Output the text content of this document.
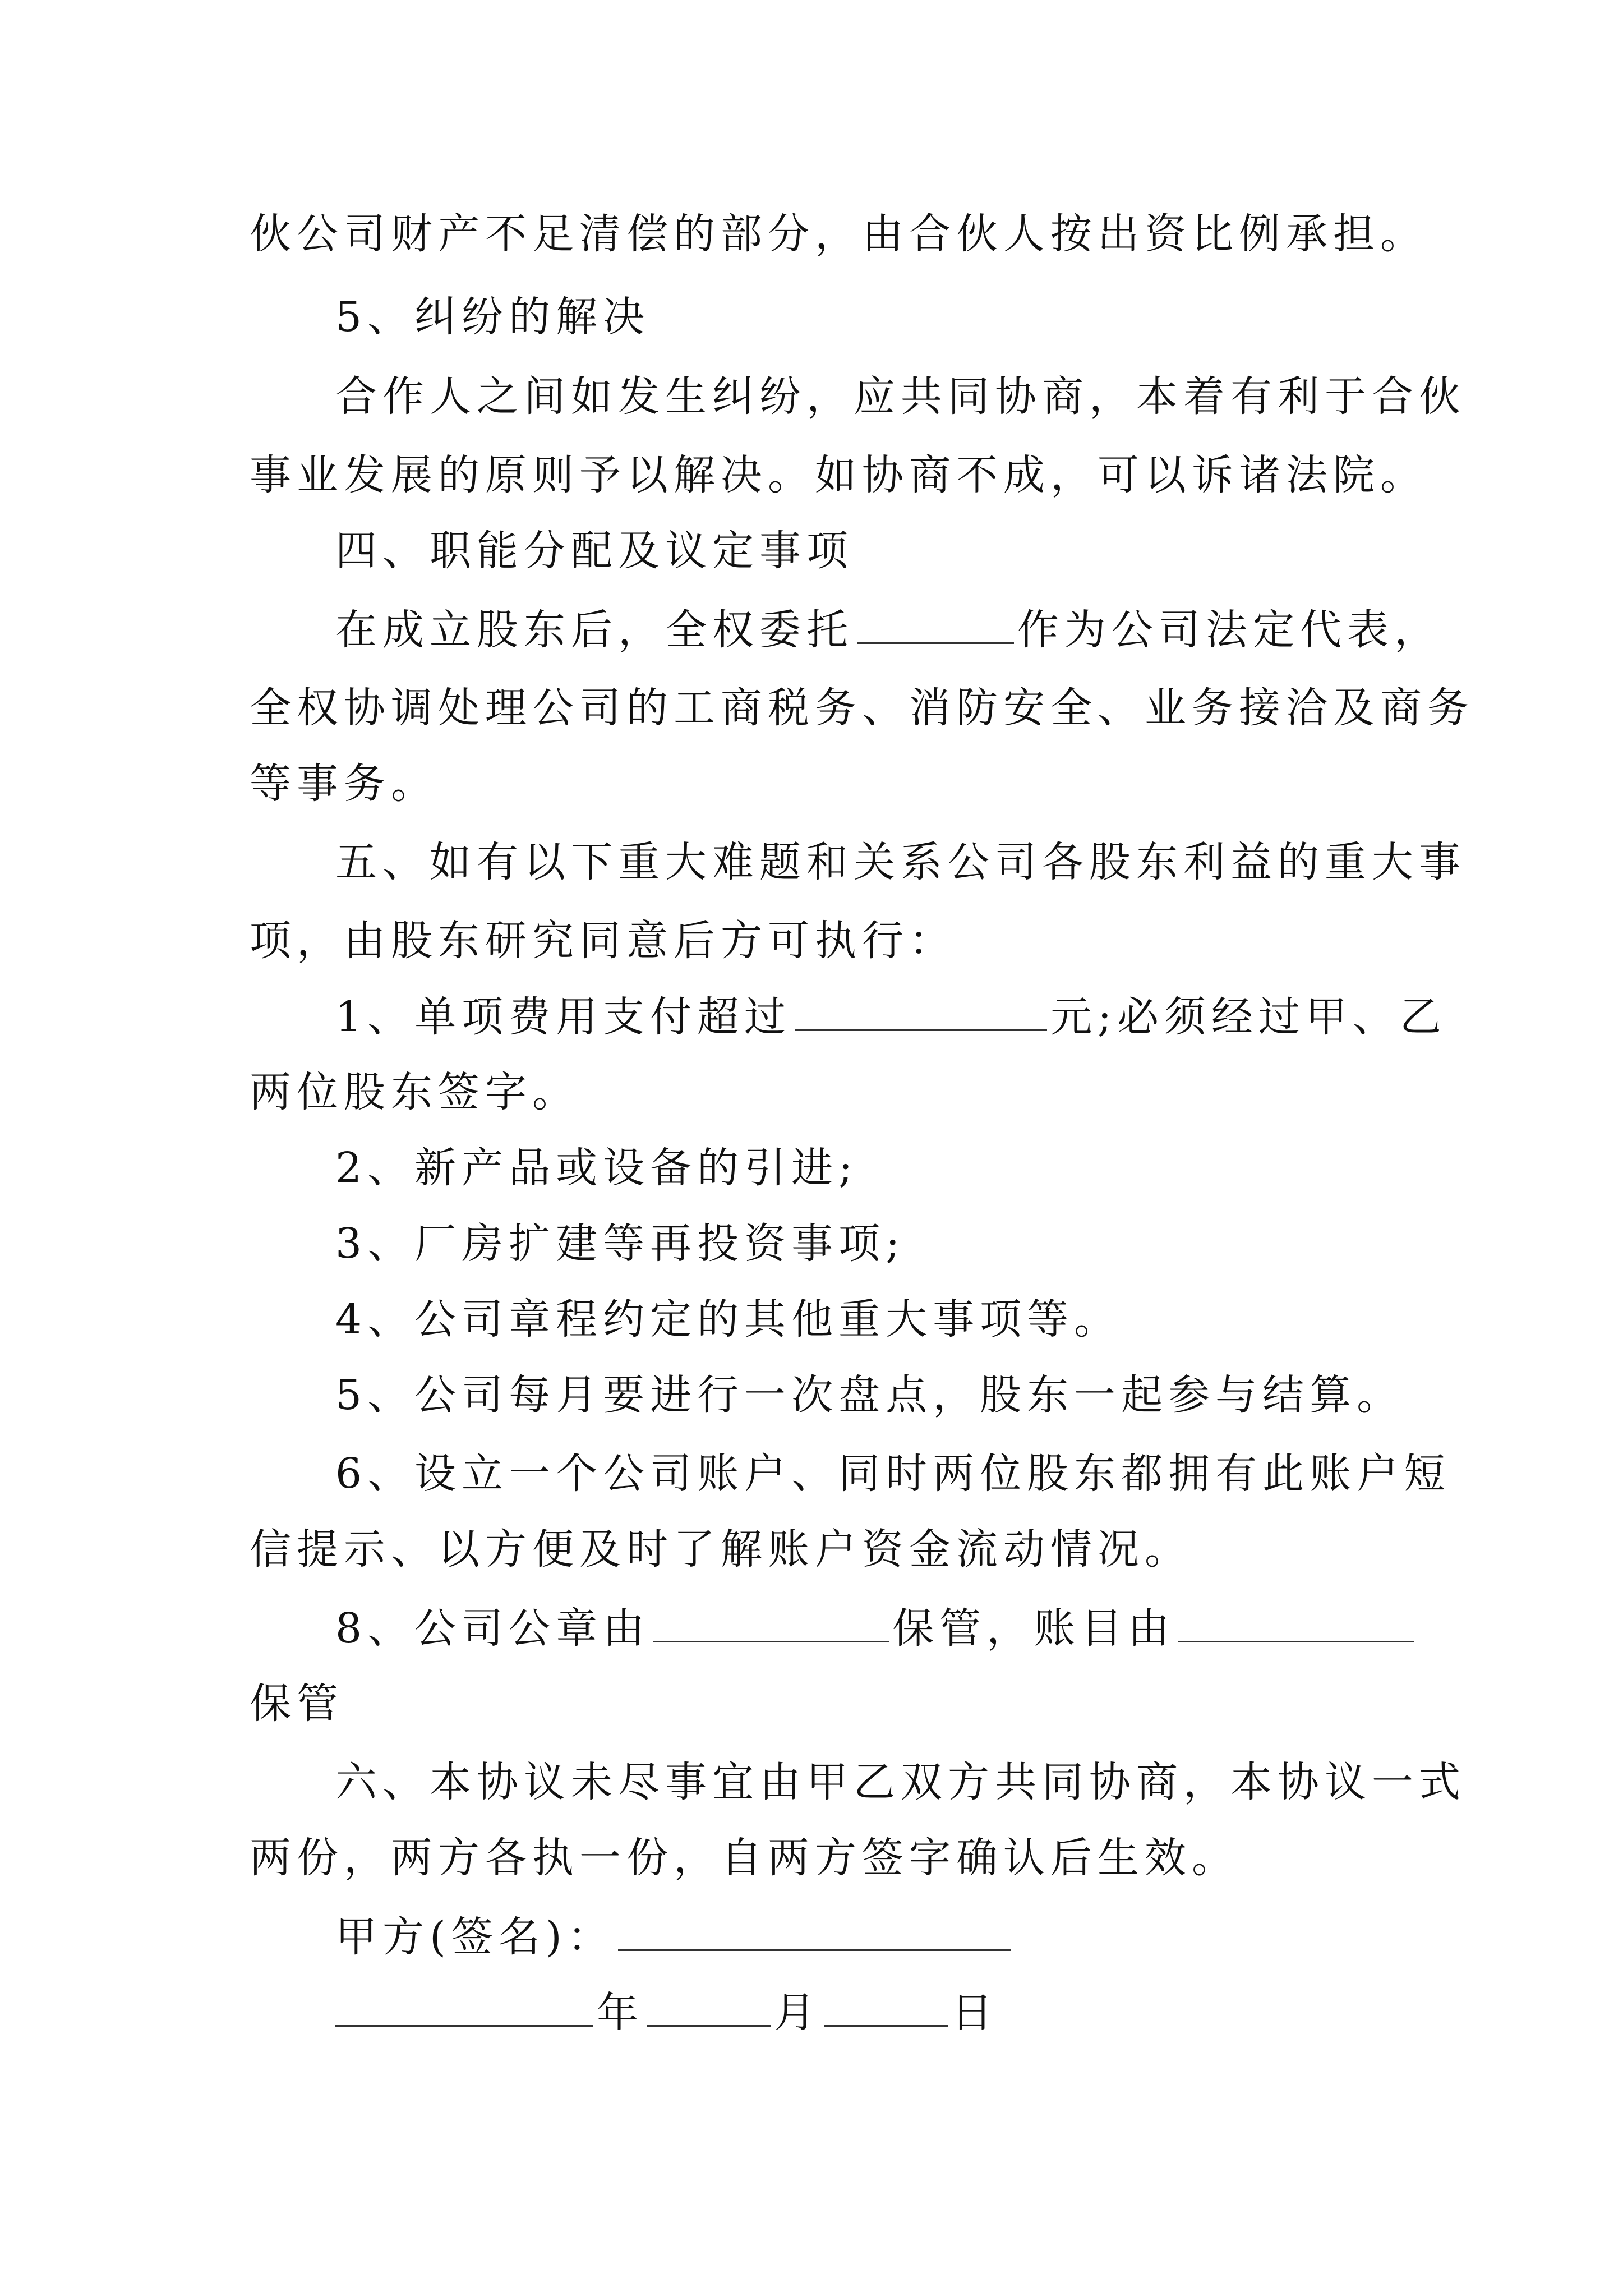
伙公司财产不足清偿的部分，由合伙人按出资比例承担。
5、纠纷的解决
合作人之间如发生纠纷，应共同协商，本着有利于合伙
事业发展的原则予以解决。如协商不成，可以诉诸法院。
四、职能分配及议定事项
在成立股东后，全权委托	作为公司法定代表，
全权协调处理公司的工商税务、消防安全、业务接洽及商务
等事务。
五、如有以下重大难题和关系公司各股东利益的重大事
项，由股东研究同意后方可执行：
1、单项费用支付超过	元;必须经过甲、乙
两位股东签字。
2、新产品或设备的引进;
3、厂房扩建等再投资事项;
4、公司章程约定的其他重大事项等。
5、公司每月要进行一次盘点，股东一起参与结算。
6、设立一个公司账户、同时两位股东都拥有此账户短
信提示、以方便及时了解账户资金流动情况。
8、公司公章由	保管，账目由
保管
六、本协议未尽事宜由甲乙双方共同协商，本协议一式
两份，两方各执一份，自两方签字确认后生效。
甲方(签名)：
年	月	日
